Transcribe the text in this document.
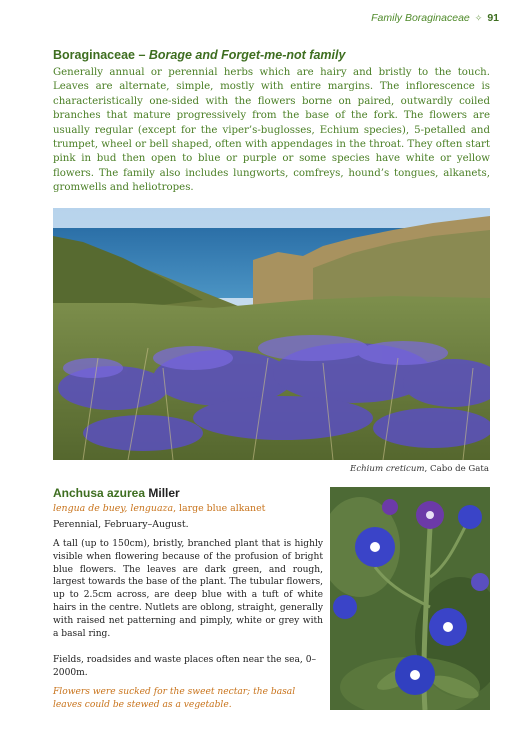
Family Boraginaceae ✧ 91
Boraginaceae – Borage and Forget-me-not family

Generally annual or perennial herbs which are hairy and bristly to the touch. Leaves are alternate, simple, mostly with entire margins. The inflorescence is characteristically one-sided with the flowers borne on paired, outwardly coiled branches that mature progressively from the base of the fork. The flowers are usually regular (except for the viper’s-buglosses, Echium species), 5-petalled and trumpet, wheel or bell shaped, often with appendages in the throat. They often start pink in bud then open to blue or purple or some species have white or yellow flowers. The family also includes lungworts, comfreys, hound’s tongues, alkanets, gromwells and heliotropes.

Echium creticum, Cabo de Gata
Anchusa azurea Miller
lengua de buey, lenguaza, large blue alkanet
Perennial, February–August.

A tall (up to 150cm), bristly, branched plant that is highly visible when flowering because of the profusion of bright blue flowers. The leaves are dark green, and rough, largest towards the base of the plant. The tubular flowers, up to 2.5cm across, are deep blue with a tuft of white hairs in the centre. Nutlets are oblong, straight, generally with raised net patterning and pimply, white or grey with a basal ring.

Fields, roadsides and waste places often near the sea, 0–2000m.

Flowers were sucked for the sweet nectar; the basal leaves could be stewed as a vegetable.
